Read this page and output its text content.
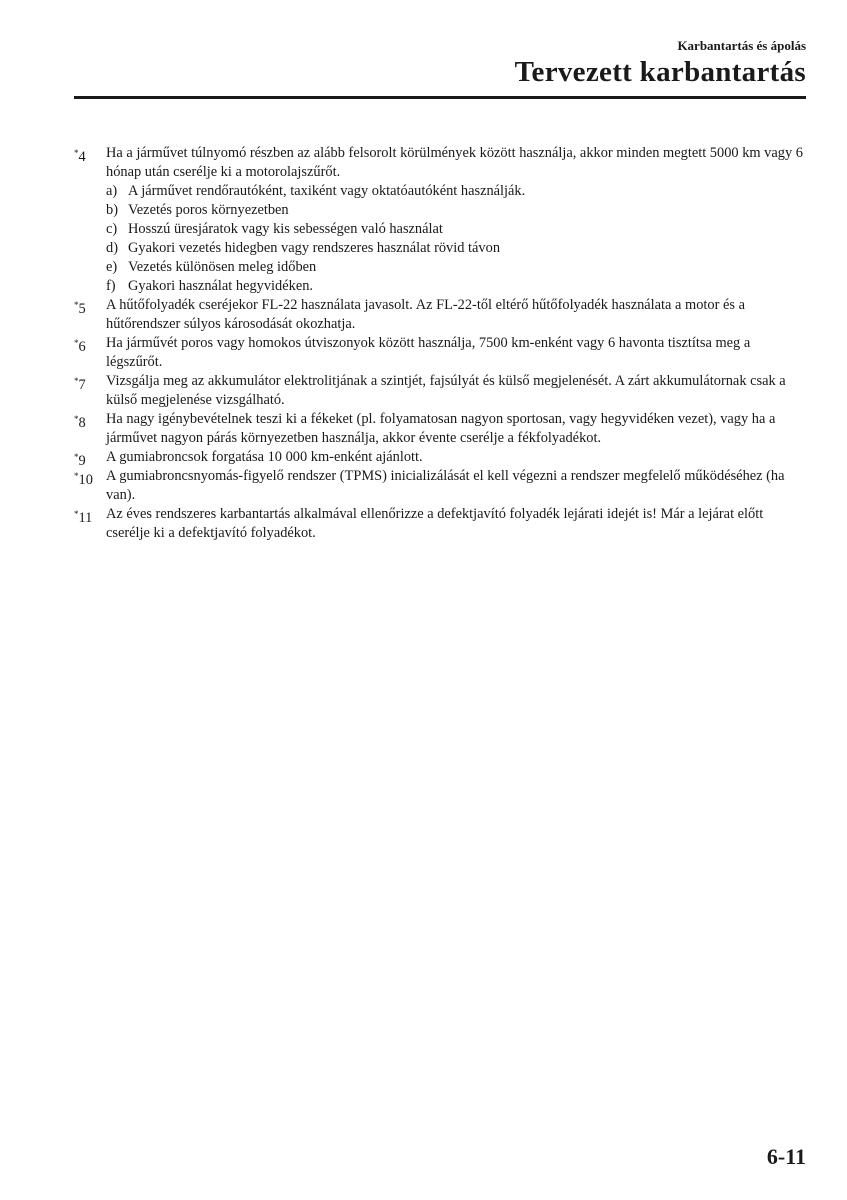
Karbantartás és ápolás
Tervezett karbantartás
*4 Ha a járművet túlnyomó részben az alább felsorolt körülmények között használja, akkor minden megtett 5000 km vagy 6 hónap után cserélje ki a motorolajszűrőt.
a) A járművet rendőrautóként, taxiként vagy oktatóautóként használják.
b) Vezetés poros környezetben
c) Hosszú üresjáratok vagy kis sebességen való használat
d) Gyakori vezetés hidegben vagy rendszeres használat rövid távon
e) Vezetés különösen meleg időben
f) Gyakori használat hegyvidéken.
*5 A hűtőfolyadék cseréjekor FL-22 használata javasolt. Az FL-22-től eltérő hűtőfolyadék használata a motor és a hűtőrendszer súlyos károsodását okozhatja.
*6 Ha járművét poros vagy homokos útviszonyok között használja, 7500 km-enként vagy 6 havonta tisztítsa meg a légszűrőt.
*7 Vizsgálja meg az akkumulátor elektrolitjának a szintjét, fajsúlyát és külső megjelenését. A zárt akkumulátornak csak a külső megjelenése vizsgálható.
*8 Ha nagy igénybevételnek teszi ki a fékeket (pl. folyamatosan nagyon sportosan, vagy hegyvidéken vezet), vagy ha a járművet nagyon párás környezetben használja, akkor évente cserélje a fékfolyadékot.
*9 A gumiabroncsok forgatása 10 000 km-enként ajánlott.
*10 A gumiabroncsnyomás-figyelő rendszer (TPMS) inicializálását el kell végezni a rendszer megfelelő működéséhez (ha van).
*11 Az éves rendszeres karbantartás alkalmával ellenőrizze a defektjavító folyadék lejárati idejét is! Már a lejárat előtt cserélje ki a defektjavító folyadékot.
6-11
